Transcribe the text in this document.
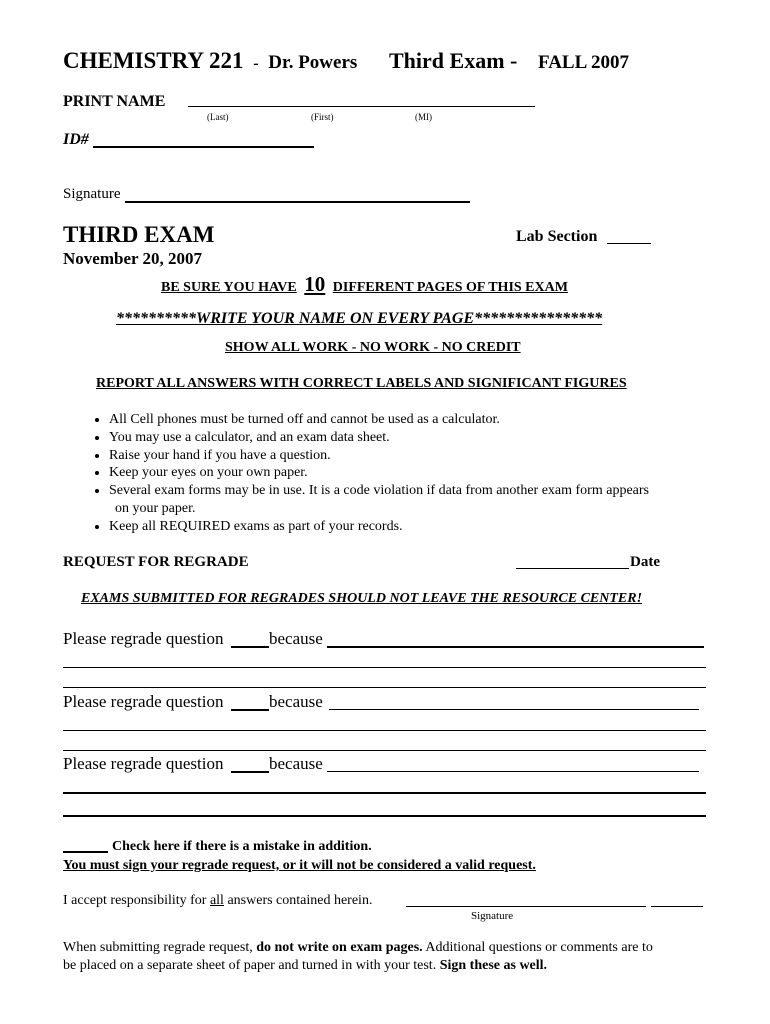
CHEMISTRY 221 - Dr. Powers Third Exam - FALL 2007
PRINT NAME
(Last)	(First)	(MI)
ID#
Signature
THIRD EXAM	Lab Section
November 20, 2007
BE SURE YOU HAVE 10 DIFFERENT PAGES OF THIS EXAM
**********WRITE YOUR NAME ON EVERY PAGE****************
SHOW ALL WORK - NO WORK - NO CREDIT
REPORT ALL ANSWERS WITH CORRECT LABELS AND SIGNIFICANT FIGURES
• All Cell phones must be turned off and cannot be used as a calculator.
• You may use a calculator, and an exam data sheet.
• Raise your hand if you have a question.
• Keep your eyes on your own paper.
• Several exam forms may be in use. It is a code violation if data from another exam form appears
on your paper.
• Keep all REQUIRED exams as part of your records.
REQUEST FOR REGRADE	Date
EXAMS SUBMITTED FOR REGRADES SHOULD NOT LEAVE THE RESOURCE CENTER!
Please regrade question	because
Please regrade question	because
Please regrade question	because
Check here if there is a mistake in addition.
You must sign your regrade request, or it will not be considered a valid request.
I accept responsibility for all answers contained herein.
Signature
When submitting regrade request, do not write on exam pages. Additional questions or comments are to
be placed on a separate sheet of paper and turned in with your test. Sign these as well.
